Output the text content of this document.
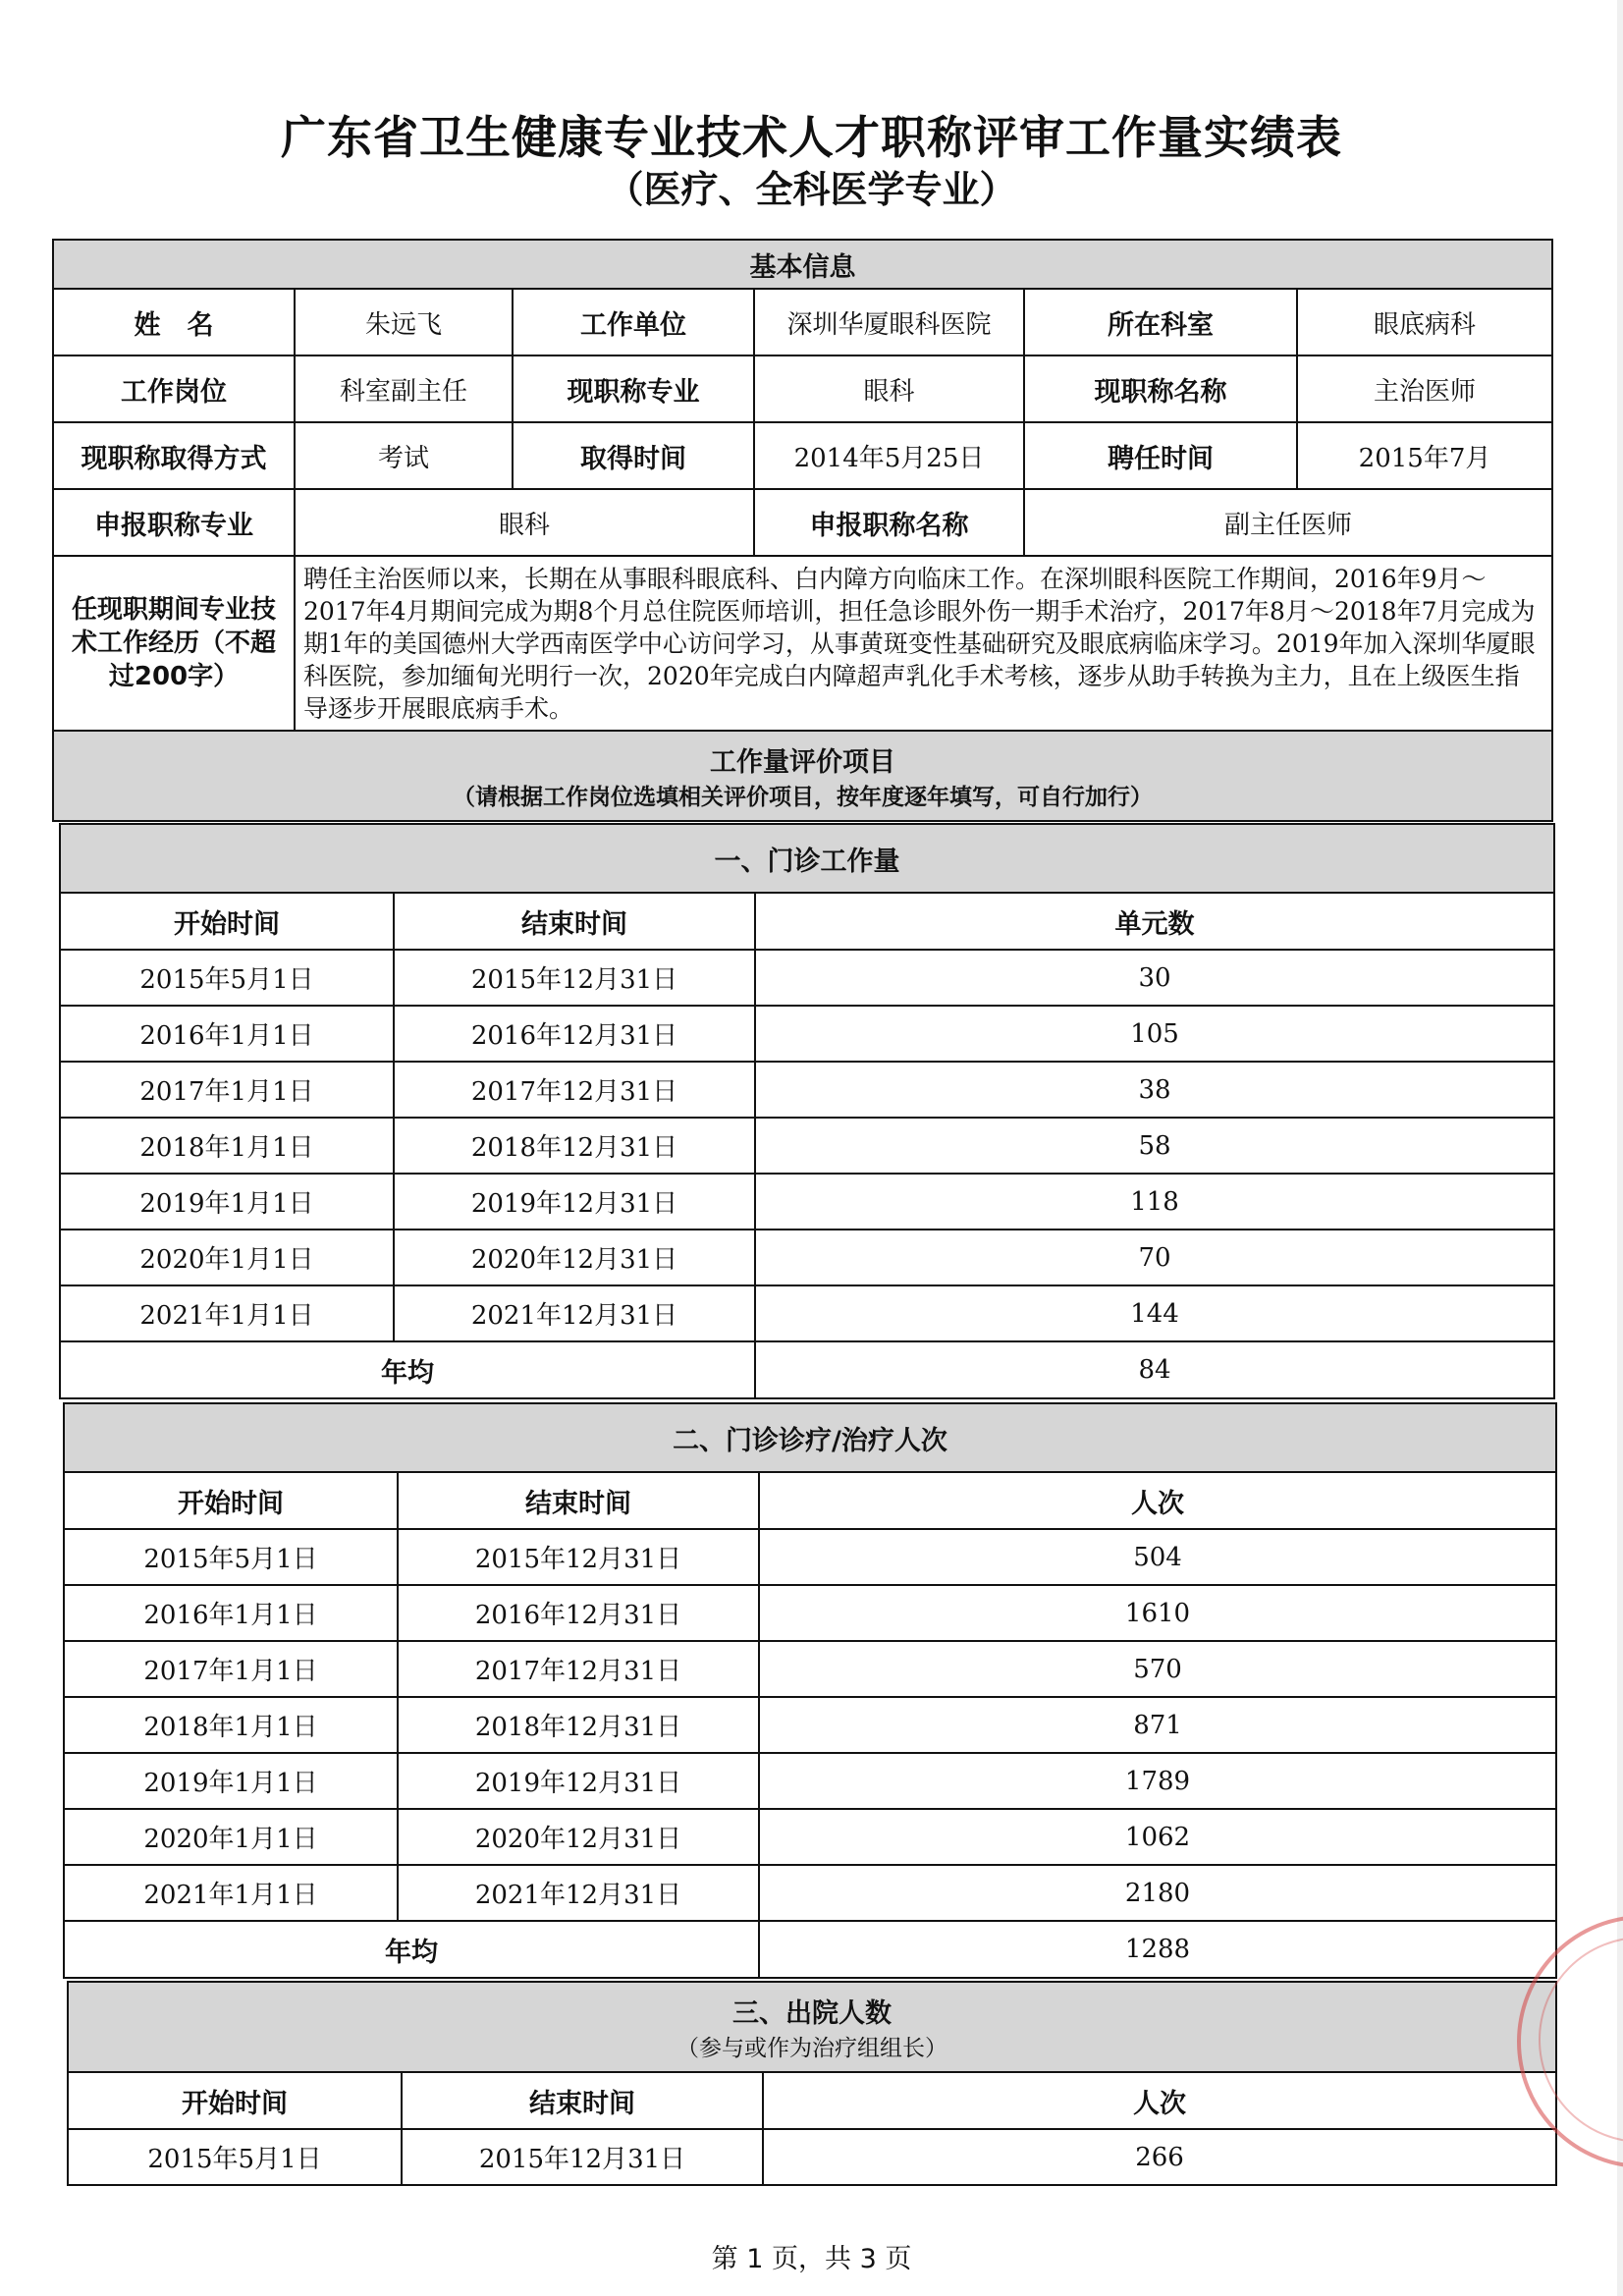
广东省卫生健康专业技术人才职称评审工作量实绩表
（医疗、全科医学专业）
基本信息					
姓　名	朱远飞	工作单位	深圳华厦眼科医院	所在科室	眼底病科
工作岗位	科室副主任	现职称专业	眼科	现职称名称	主治医师
现职称取得方式	考试	取得时间	2014年5月25日	聘任时间	2015年7月
申报职称专业	眼科		申报职称名称	副主任医师	
任现职期间专业技术工作经历（不超过200字）	聘任主治医师以来，长期在从事眼科眼底科、白内障方向临床工作。在深圳眼科医院工作期间，2016年9月～2017年4月期间完成为期8个月总住院医师培训，担任急诊眼外伤一期手术治疗，2017年8月～2018年7月完成为期1年的美国德州大学西南医学中心访问学习，从事黄斑变性基础研究及眼底病临床学习。2019年加入深圳华厦眼科医院，参加缅甸光明行一次，2020年完成白内障超声乳化手术考核，逐步从助手转换为主力，且在上级医生指导逐步开展眼底病手术。				

工作量评价项目
（请根据工作岗位选填相关评价项目，按年度逐年填写，可自行加行）					
一、门诊工作量		
开始时间	结束时间	单元数
2015年5月1日	2015年12月31日	30
2016年1月1日	2016年12月31日	105
2017年1月1日	2017年12月31日	38
2018年1月1日	2018年12月31日	58
2019年1月1日	2019年12月31日	118
2020年1月1日	2020年12月31日	70
2021年1月1日	2021年12月31日	144
年均		84
二、门诊诊疗/治疗人次		
开始时间	结束时间	人次
2015年5月1日	2015年12月31日	504
2016年1月1日	2016年12月31日	1610
2017年1月1日	2017年12月31日	570
2018年1月1日	2018年12月31日	871
2019年1月1日	2019年12月31日	1789
2020年1月1日	2020年12月31日	1062
2021年1月1日	2021年12月31日	2180
年均		1288
三、出院人数
（参与或作为治疗组组长）		

开始时间	结束时间	人次
2015年5月1日	2015年12月31日	266
第 1 页，共 3 页
